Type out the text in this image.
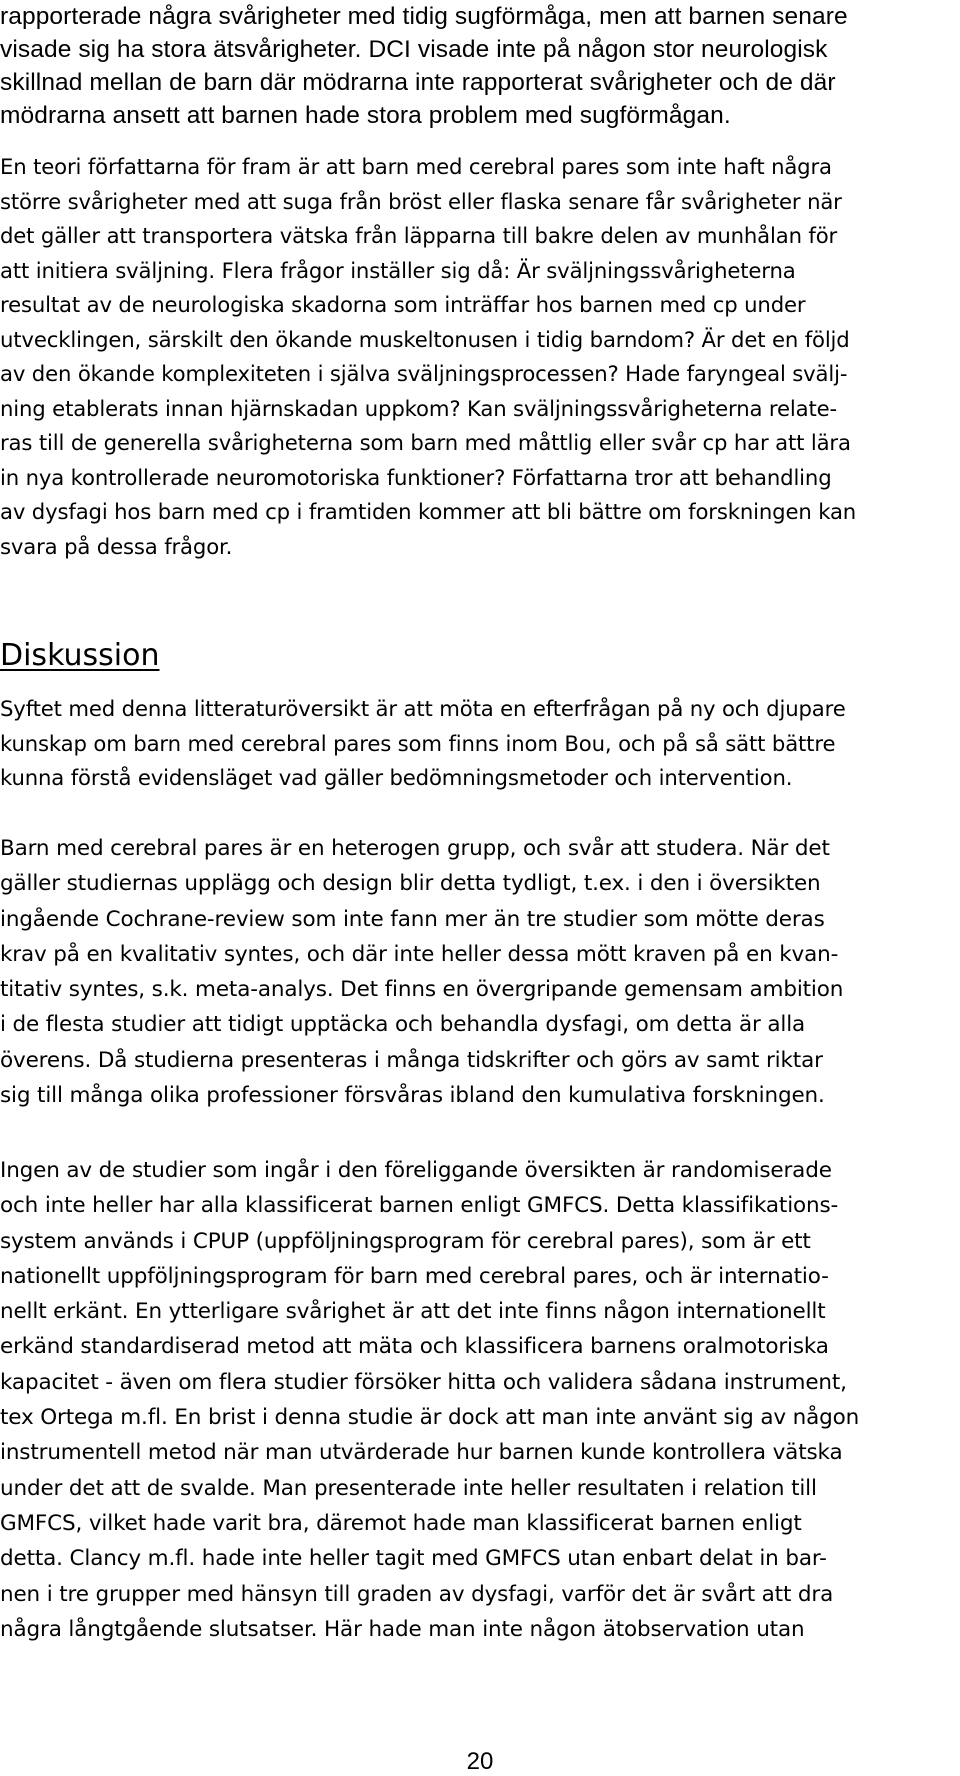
rapporterade några svårigheter med tidig sugförmåga, men att barnen senare
visade sig ha stora ätsvårigheter. DCI visade inte på någon stor neurologisk
skillnad mellan de barn där mödrarna inte rapporterat svårigheter och de där
mödrarna ansett att barnen hade stora problem med sugförmågan.

En teori författarna för fram är att barn med cerebral pares som inte haft några
större svårigheter med att suga från bröst eller flaska senare får svårigheter när
det gäller att transportera vätska från läpparna till bakre delen av munhålan för
att initiera sväljning. Flera frågor inställer sig då: Är sväljningssvårigheterna
resultat av de neurologiska skadorna som inträffar hos barnen med cp under
utvecklingen, särskilt den ökande muskeltonusen i tidig barndom? Är det en följd
av den ökande komplexiteten i själva sväljningsprocessen? Hade faryngeal svälj-
ning etablerats innan hjärnskadan uppkom? Kan sväljningssvårigheterna relate-
ras till de generella svårigheterna som barn med måttlig eller svår cp har att lära
in nya kontrollerade neuromotoriska funktioner? Författarna tror att behandling
av dysfagi hos barn med cp i framtiden kommer att bli bättre om forskningen kan
svara på dessa frågor.

Diskussion

Syftet med denna litteraturöversikt är att möta en efterfrågan på ny och djupare
kunskap om barn med cerebral pares som finns inom Bou, och på så sätt bättre
kunna förstå evidensläget vad gäller bedömningsmetoder och intervention.

Barn med cerebral pares är en heterogen grupp, och svår att studera. När det
gäller studiernas upplägg och design blir detta tydligt, t.ex. i den i översikten
ingående Cochrane-review som inte fann mer än tre studier som mötte deras
krav på en kvalitativ syntes, och där inte heller dessa mött kraven på en kvan-
titativ syntes, s.k. meta-analys. Det finns en övergripande gemensam ambition
i de flesta studier att tidigt upptäcka och behandla dysfagi, om detta är alla
överens. Då studierna presenteras i många tidskrifter och görs av samt riktar
sig till många olika professioner försvåras ibland den kumulativa forskningen.

Ingen av de studier som ingår i den föreliggande översikten är randomiserade
och inte heller har alla klassificerat barnen enligt GMFCS. Detta klassifikations-
system används i CPUP (uppföljningsprogram för cerebral pares), som är ett
nationellt uppföljningsprogram för barn med cerebral pares, och är internatio-
nellt erkänt. En ytterligare svårighet är att det inte finns någon internationellt
erkänd standardiserad metod att mäta och klassificera barnens oralmotoriska
kapacitet - även om flera studier försöker hitta och validera sådana instrument,
tex Ortega m.fl. En brist i denna studie är dock att man inte använt sig av någon
instrumentell metod när man utvärderade hur barnen kunde kontrollera vätska
under det att de svalde. Man presenterade inte heller resultaten i relation till
GMFCS, vilket hade varit bra, däremot hade man klassificerat barnen enligt
detta. Clancy m.fl. hade inte heller tagit med GMFCS utan enbart delat in bar-
nen i tre grupper med hänsyn till graden av dysfagi, varför det är svårt att dra
några långtgående slutsatser. Här hade man inte någon ätobservation utan

20
